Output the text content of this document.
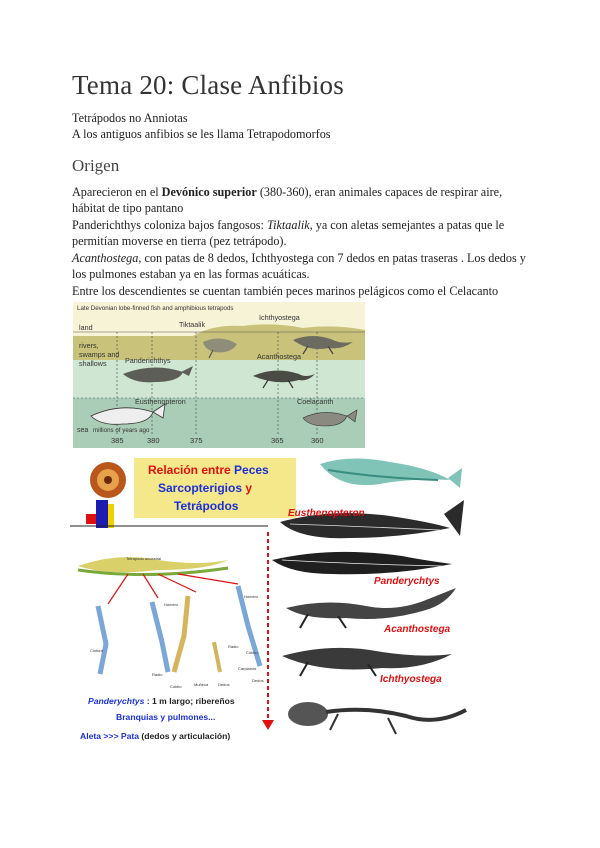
Tema 20: Clase Anfibios
Tetrápodos no Anniotas
A los antiguos anfibios se les llama Tetrapodomorfos
Origen
Aparecieron en el Devónico superior (380-360), eran animales capaces de respirar aire,
hábitat de tipo pantano
Panderichthys coloniza bajos fangosos: Tiktaalik, ya con aletas semejantes a patas que le
permitían moverse en tierra (pez tetrápodo).
Acanthostega, con patas de 8 dedos, Ichthyostega con 7 dedos en patas traseras . Los dedos y
los pulmones estaban ya en las formas acuáticas.
Entre los descendientes se cuentan también peces marinos pelágicos como el Celacanto
Late Devonian lobe-finned fish and amphibious tetrapods
land
rivers,
swamps and
shallows
sea millions of years ago
385	380	375	365	360
Tiktaalik
Ichthyostega
Panderichthys	Acanthostega
Eusthenopteron	Coelacanth
Relación entre Peces
Sarcopterigios y
Tetrápodos
Eusthenopteron
Panderychtys
Acanthostega
Ichthyostega
Tetrapodo ancestral
Cintura
Húmero
Radio
Cúbito	Muñeca Dedos
Húmero
Radio
Cúbito
Carpianos
Dedos
Panderychtys : 1 m largo; ribereños
Branquias y pulmones...
Aleta >>> Pata (dedos y articulación)
